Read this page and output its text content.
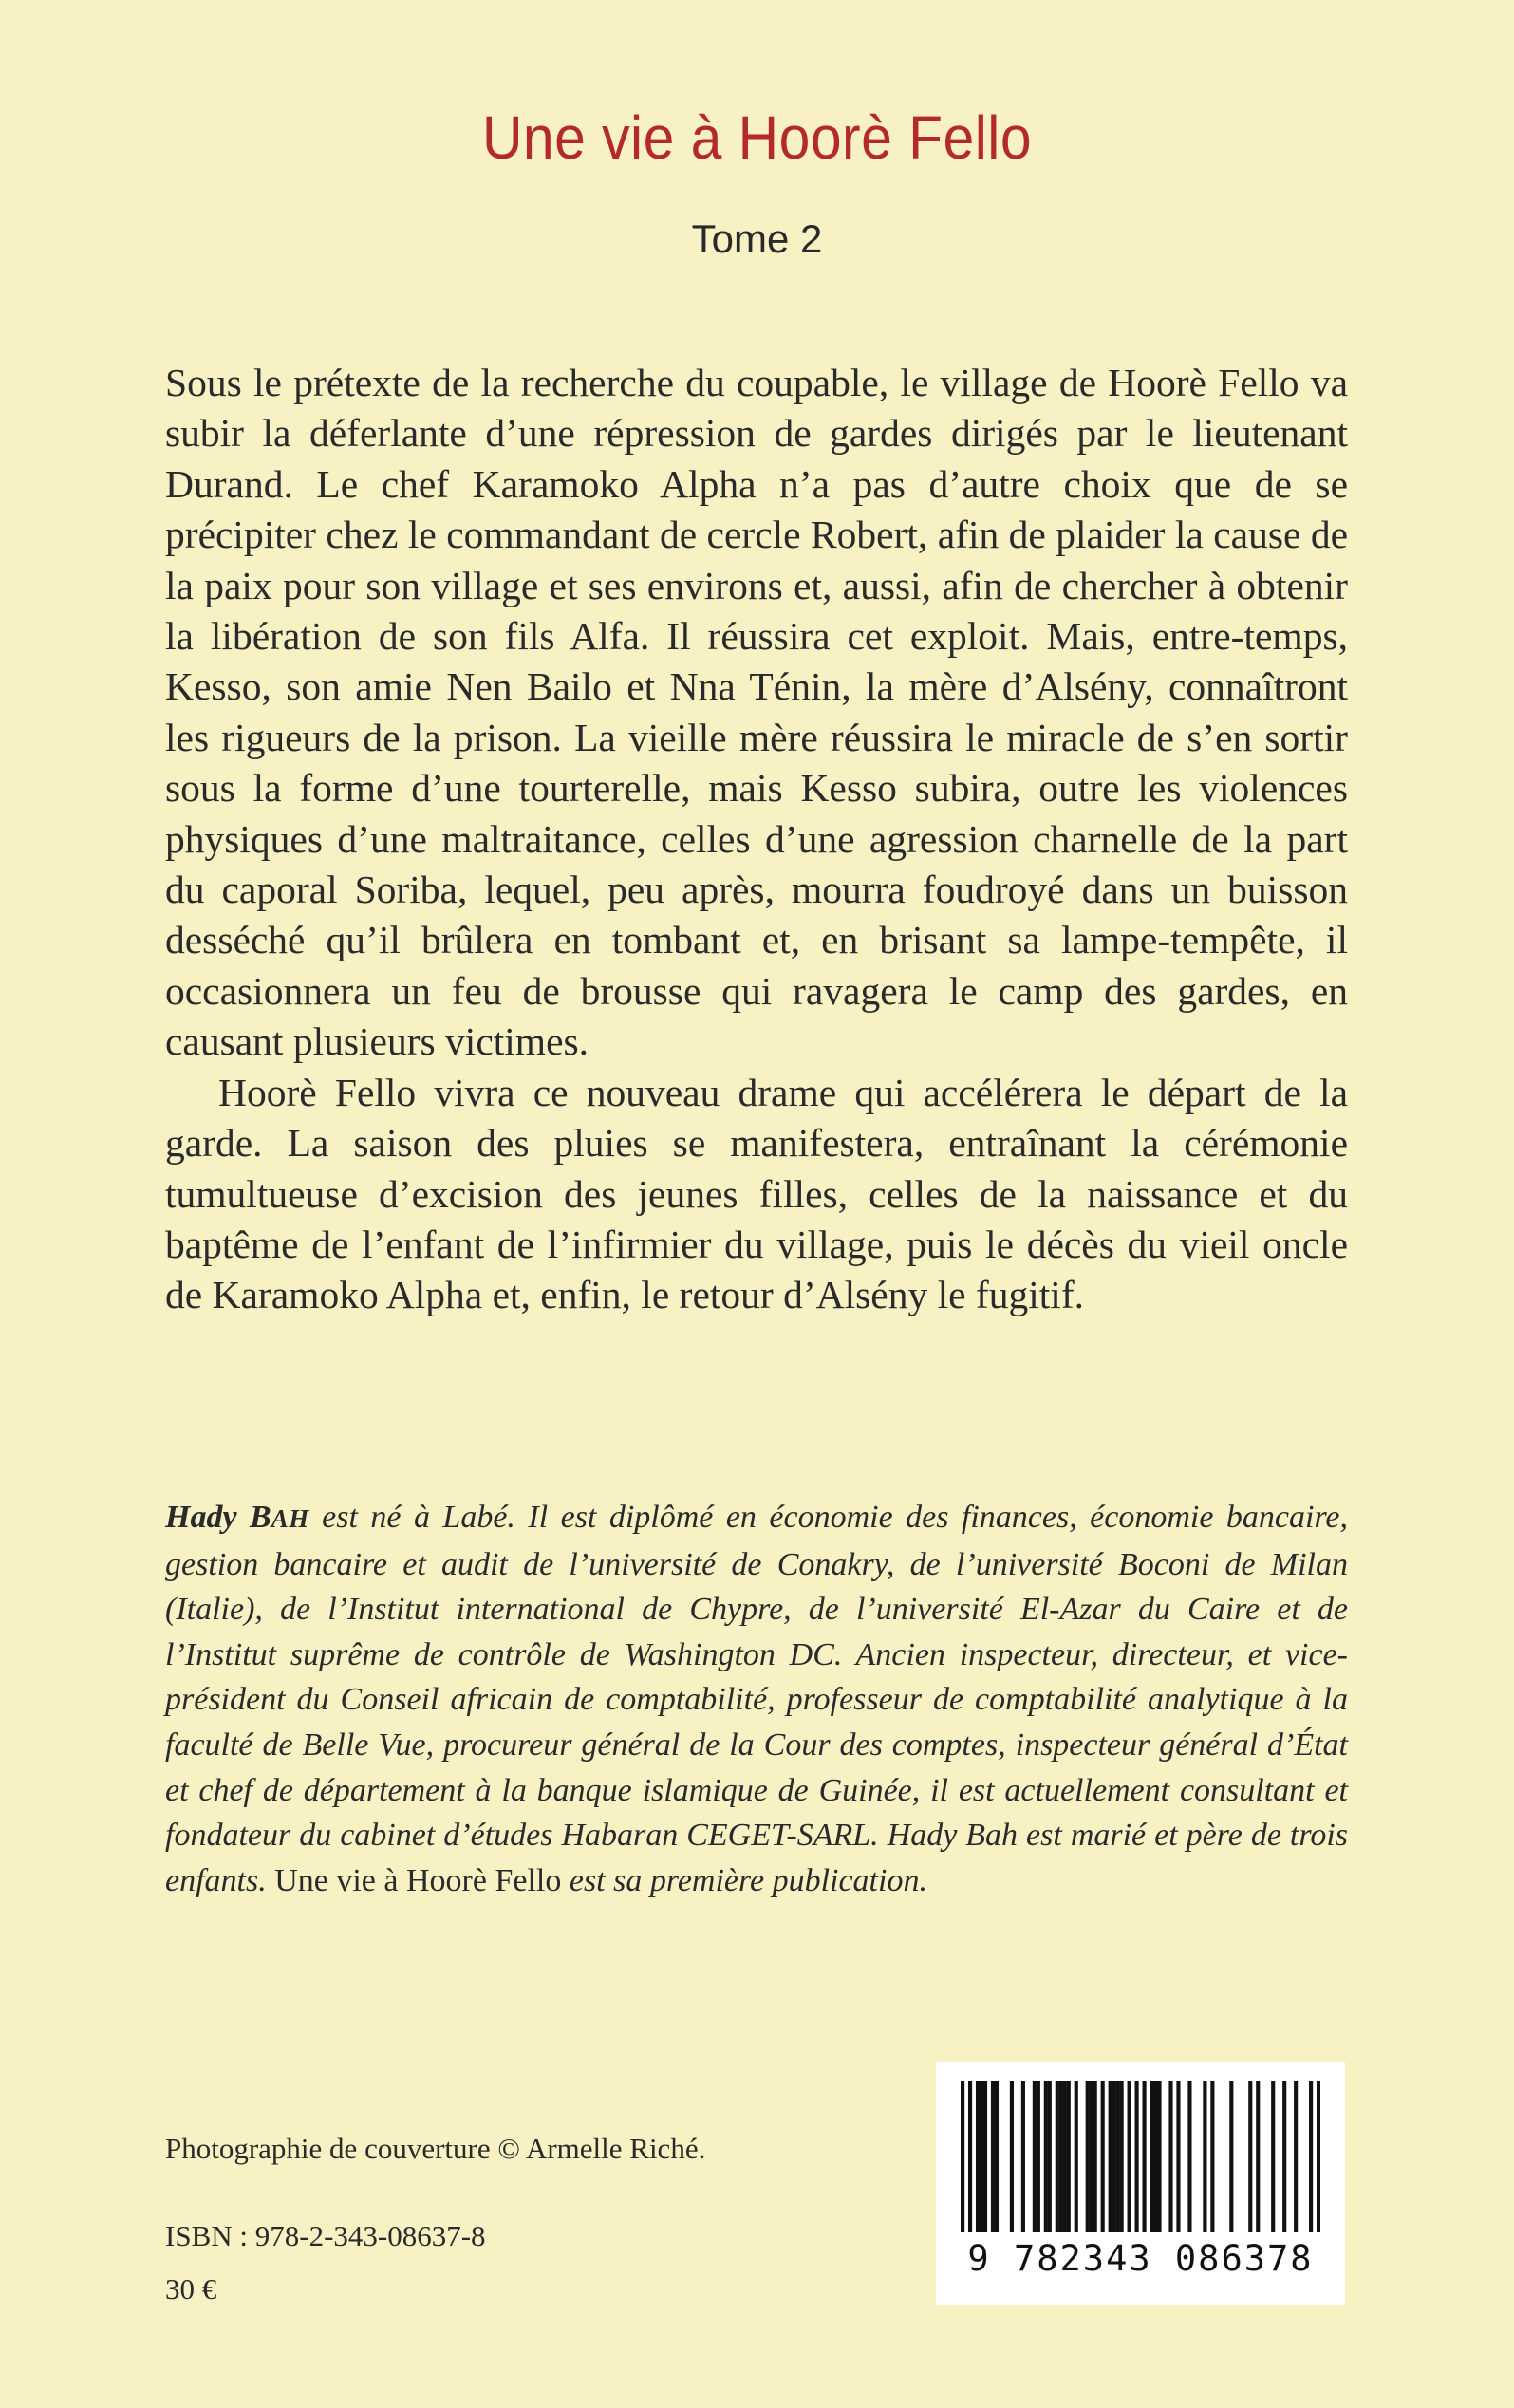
Une vie à Hoorè Fello
Tome 2

Sous le prétexte de la recherche du coupable, le village de Hoorè Fello va subir la déferlante d’une répression de gardes dirigés par le lieutenant Durand. Le chef Karamoko Alpha n’a pas d’autre choix que de se précipiter chez le commandant de cercle Robert, afin de plaider la cause de la paix pour son village et ses environs et, aussi, afin de chercher à obtenir la libération de son fils Alfa. Il réussira cet exploit. Mais, entre-temps, Kesso, son amie Nen Bailo et Nna Ténin, la mère d’Alsény, connaîtront les rigueurs de la prison. La vieille mère réussira le miracle de s’en sortir sous la forme d’une tourterelle, mais Kesso subira, outre les violences physiques d’une maltraitance, celles d’une agression charnelle de la part du caporal Soriba, lequel, peu après, mourra foudroyé dans un buisson desséché qu’il brûlera en tombant et, en brisant sa lampe-tempête, il occasionnera un feu de brousse qui ravagera le camp des gardes, en causant plusieurs victimes.

Hoorè Fello vivra ce nouveau drame qui accélérera le départ de la garde. La saison des pluies se manifestera, entraînant la cérémonie tumultueuse d’excision des jeunes filles, celles de la naissance et du baptême de l’enfant de l’infirmier du village, puis le décès du vieil oncle de Karamoko Alpha et, enfin, le retour d’Alsény le fugitif.

Hady BAH est né à Labé. Il est diplômé en économie des finances, économie bancaire, gestion bancaire et audit de l’université de Conakry, de l’université Boconi de Milan (Italie), de l’Institut international de Chypre, de l’université El-Azar du Caire et de l’Institut suprême de contrôle de Washington DC. Ancien inspecteur, directeur, et vice-président du Conseil africain de comptabilité, professeur de comptabilité analytique à la faculté de Belle Vue, procureur général de la Cour des comptes, inspecteur général d’État et chef de département à la banque islamique de Guinée, il est actuellement consultant et fondateur du cabinet d’études Habaran CEGET-SARL. Hady Bah est marié et père de trois enfants. Une vie à Hoorè Fello est sa première publication.
Photographie de couverture © Armelle Riché.
ISBN : 978-2-343-08637-8
30 €
9 782343 086378
